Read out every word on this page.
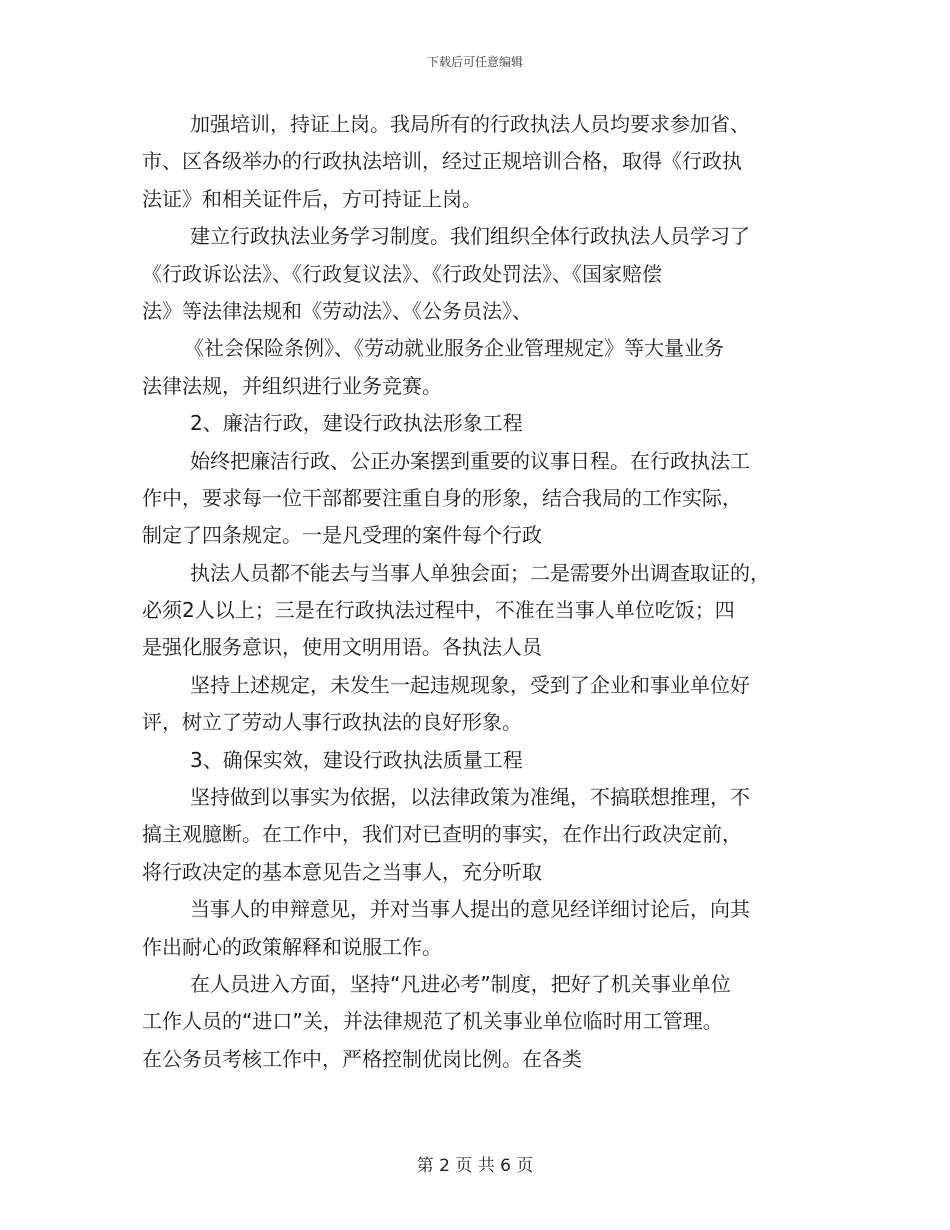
下载后可任意编辑

加强培训，持证上岗。我局所有的行政执法人员均要求参加省、

市、区各级举办的行政执法培训，经过正规培训合格，取得《行政执

法证》和相关证件后，方可持证上岗。

建立行政执法业务学习制度。我们组织全体行政执法人员学习了

《行政诉讼法》、《行政复议法》、《行政处罚法》、《国家赔偿

法》等法律法规和《劳动法》、《公务员法》、

《社会保险条例》、《劳动就业服务企业管理规定》等大量业务

法律法规，并组织进行业务竞赛。

2、廉洁行政，建设行政执法形象工程

始终把廉洁行政、公正办案摆到重要的议事日程。在行政执法工

作中，要求每一位干部都要注重自身的形象，结合我局的工作实际，

制定了四条规定。一是凡受理的案件每个行政

执法人员都不能去与当事人单独会面；二是需要外出调查取证的，

必须2人以上；三是在行政执法过程中，不准在当事人单位吃饭；四

是强化服务意识，使用文明用语。各执法人员

坚持上述规定，未发生一起违规现象，受到了企业和事业单位好

评，树立了劳动人事行政执法的良好形象。

3、确保实效，建设行政执法质量工程

坚持做到以事实为依据，以法律政策为准绳，不搞联想推理，不

搞主观臆断。在工作中，我们对已查明的事实，在作出行政决定前，

将行政决定的基本意见告之当事人，充分听取

当事人的申辩意见，并对当事人提出的意见经详细讨论后，向其

作出耐心的政策解释和说服工作。

在人员进入方面，坚持“凡进必考”制度，把好了机关事业单位

工作人员的“进口”关，并法律规范了机关事业单位临时用工管理。

在公务员考核工作中，严格控制优岗比例。在各类

第 2 页 共 6 页
